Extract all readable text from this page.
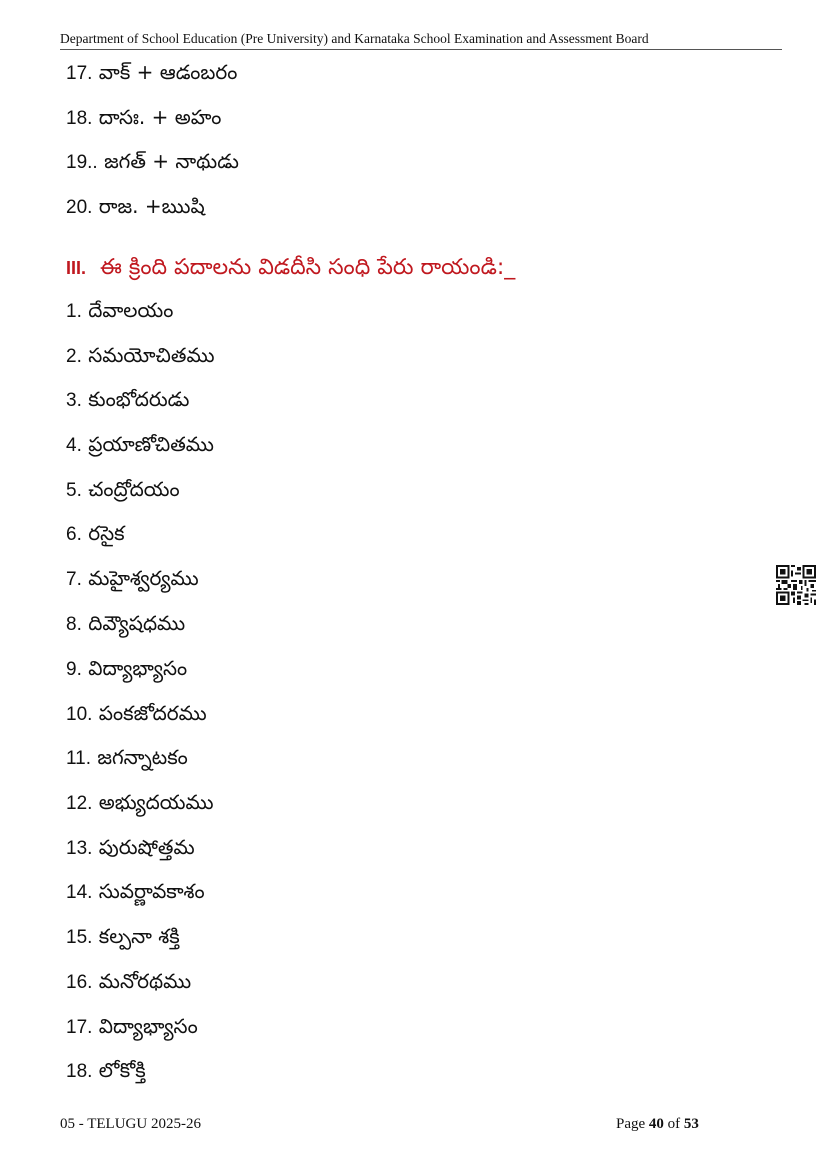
Department of School Education (Pre University) and Karnataka School Examination and Assessment Board
17. వాక్ + ఆడంబరం
18. దాసః. + అహం
19.. జగత్ + నాథుడు
20. రాజ. +ఋషి
III. ఈ క్రింది పదాలను విడదీసి సంధి పేరు రాయండి:_
1. దేవాలయం
2. సమయోచితము
3. కుంభోదరుడు
4. ప్రయాణోచితము
5. చంద్రోదయం
6. రసైక
7. మహైశ్వర్యము
8. దివ్యౌషధము
9. విద్యాభ్యాసం
10. పంకజోదరము
11. జగన్నాటకం
12. అభ్యుదయము
13. పురుషోత్తమ
14. సువర్ణావకాశం
15. కల్పనా శక్తి
16. మనోరథము
17. విద్యాభ్యాసం
18. లోకోక్తి
05 - TELUGU 2025-26	Page 40 of 53
